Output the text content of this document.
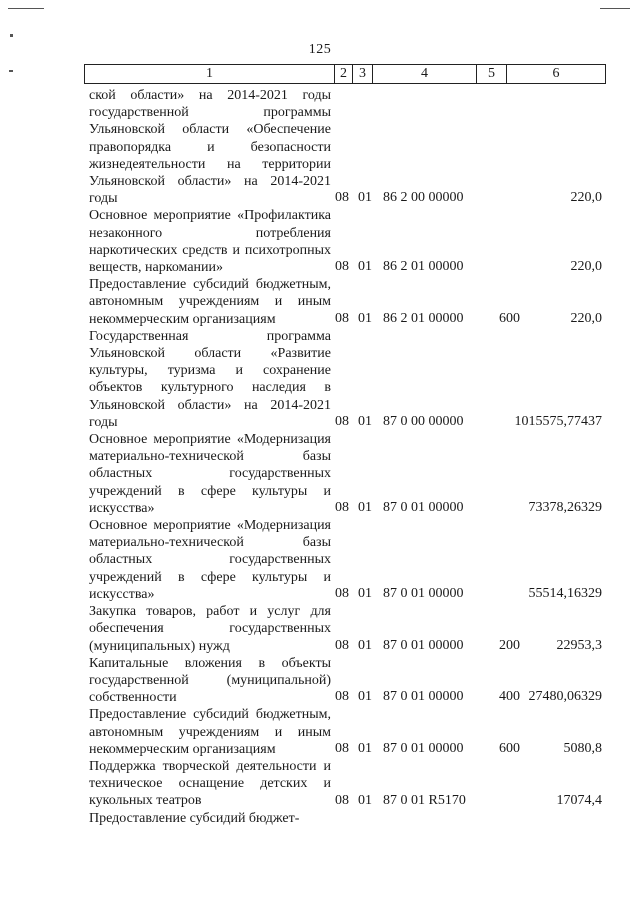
125
1	2 3	4	5	6
ской области» на 2014-2021 годы государственной программы Ульяновской области «Обеспечение правопорядка и безопасности жизнедеятельности на территории Ульяновской области» на 2014-2021 годы	08 01 86 2 00 00000	220,0
Основное мероприятие «Профилактика незаконного потребления наркотических средств и психотропных веществ, наркомании»	08 01 86 2 01 00000	220,0
Предоставление субсидий бюджетным, автономным учреждениям и иным некоммерческим организациям	08 01 86 2 01 00000	600	220,0
Государственная программа Ульяновской области «Развитие культуры, туризма и сохранение объектов культурного наследия в Ульяновской области» на 2014-2021 годы	08 01 87 0 00 00000	1015575,77437
Основное мероприятие «Модернизация материально-технической базы областных государственных учреждений в сфере культуры и искусства»	08 01 87 0 01 00000	73378,26329
Основное мероприятие «Модернизация материально-технической базы областных государственных учреждений в сфере культуры и искусства»	08 01 87 0 01 00000	55514,16329
Закупка товаров, работ и услуг для обеспечения государственных (муниципальных) нужд	08 01 87 0 01 00000	200	22953,3
Капитальные вложения в объекты государственной (муниципальной) собственности	08 01 87 0 01 00000	400 27480,06329
Предоставление субсидий бюджетным, автономным учреждениям и иным некоммерческим организациям	08 01 87 0 01 00000	600	5080,8
Поддержка творческой деятельности и техническое оснащение детских и кукольных театров	08 01 87 0 01 R5170	17074,4
Предоставление субсидий бюджет-
